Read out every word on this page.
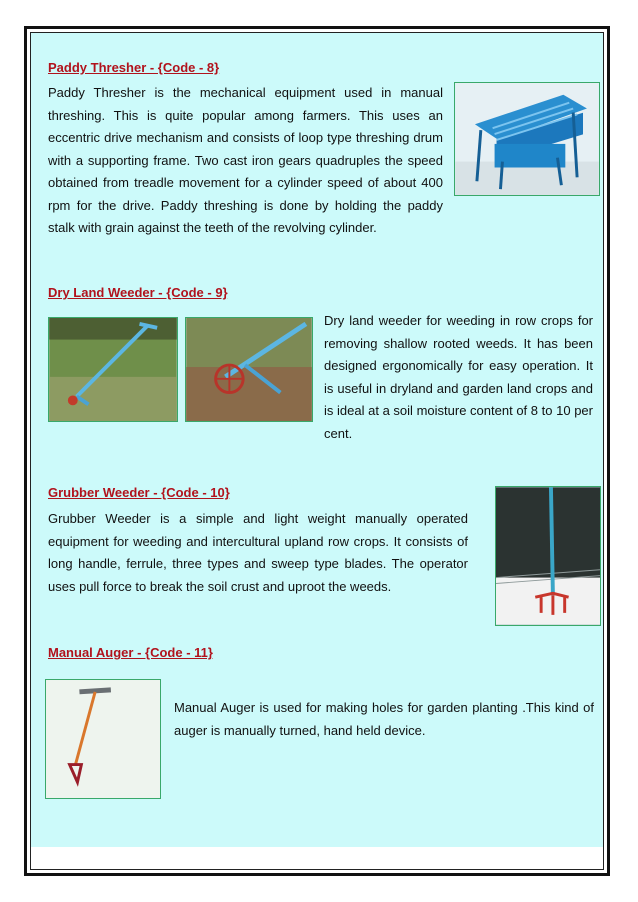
Paddy Thresher - {Code - 8}

Paddy Thresher is the mechanical equipment used in manual threshing. This is quite popular among farmers. This uses an eccentric drive mechanism and consists of loop type threshing drum with a supporting frame. Two cast iron gears quadruples the speed obtained from treadle movement for a cylinder speed of about 400 rpm for the drive. Paddy threshing is done by holding the paddy stalk with grain against the teeth of the revolving cylinder.

Dry Land Weeder - {Code - 9}

Dry land weeder for weeding in row crops for removing shallow rooted weeds. It has been designed ergonomically for easy operation. It is useful in dryland and garden land crops and is ideal at a soil moisture content of 8 to 10 per cent.

Grubber Weeder - {Code - 10}

Grubber Weeder is a simple and light weight manually operated equipment for weeding and intercultural upland row crops. It consists of long handle, ferrule, three types and sweep type blades. The operator uses pull force to break the soil crust and uproot the weeds.

Manual Auger - {Code - 11}

Manual Auger is used for making holes for garden planting .This kind of auger is manually turned, hand held device.
